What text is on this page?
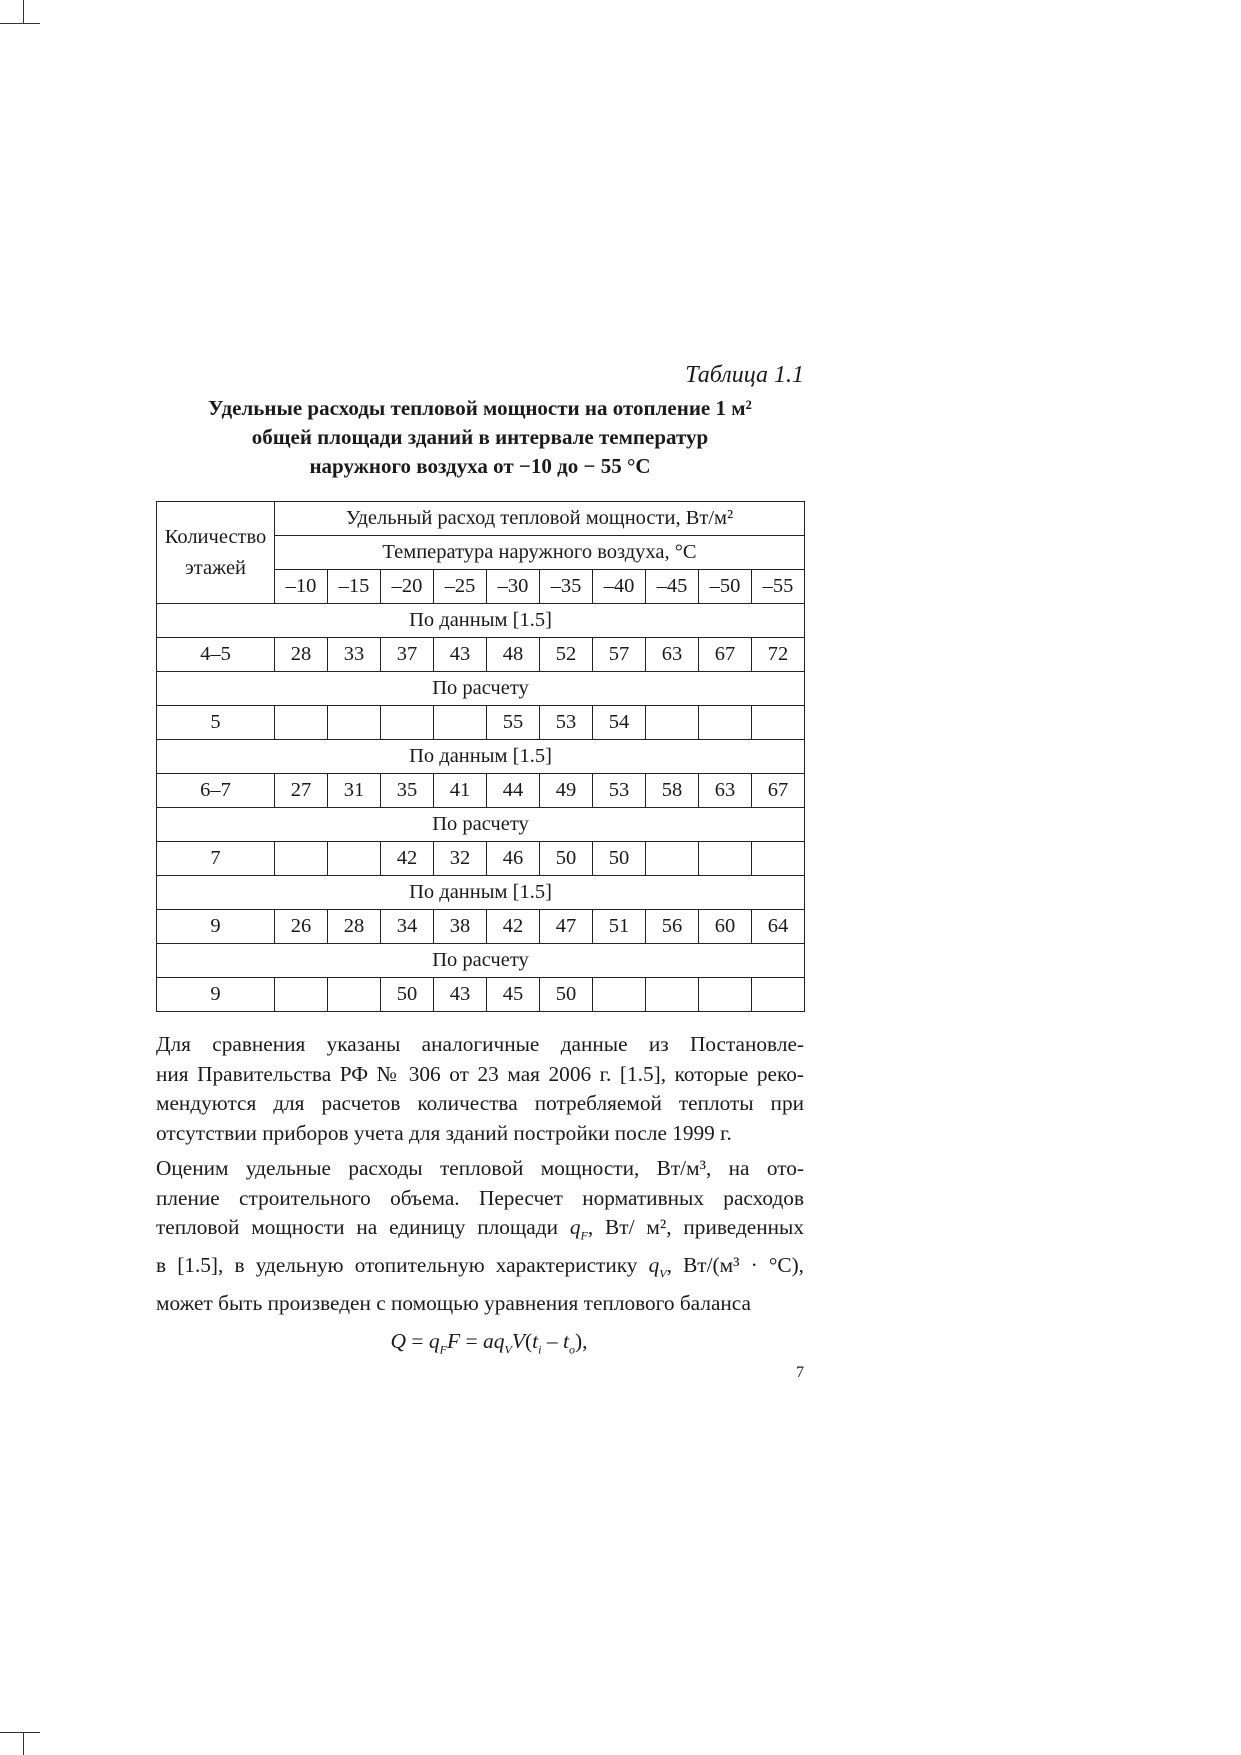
Таблица 1.1
Удельные расходы тепловой мощности на отопление 1 м²
общей площади зданий в интервале температур
наружного воздуха от −10 до − 55 °С
Количество
этажей	Удельный расход тепловой мощности, Вт/м²									
	Температура наружного воздуха, °С									
	–10	–15	–20	–25	–30	–35	–40	–45	–50	–55
По данным [1.5]										
4–5	28	33	37	43	48	52	57	63	67	72
По расчету										
5					55	53	54			
По данным [1.5]										
6–7	27	31	35	41	44	49	53	58	63	67
По расчету										
7			42	32	46	50	50			
По данным [1.5]										
9	26	28	34	38	42	47	51	56	60	64
По расчету										
9			50	43	45	50				
Для сравнения указаны аналогичные данные из Постановле-
ния Правительства РФ № 306 от 23 мая 2006 г. [1.5], которые реко-
мендуются для расчетов количества потребляемой теплоты при
отсутствии приборов учета для зданий постройки после 1999 г.
Оценим удельные расходы тепловой мощности, Вт/м³, на ото-
пление строительного объема. Пересчет нормативных расходов
тепловой мощности на единицу площади $q_F$, Вт/ м², приведенных
в [1.5], в удельную отопительную характеристику $q_V$, Вт/(м³ · °С),
может быть произведен с помощью уравнения теплового баланса
$Q = q_FF = aq_VV(t_i - t_о)$,
7
